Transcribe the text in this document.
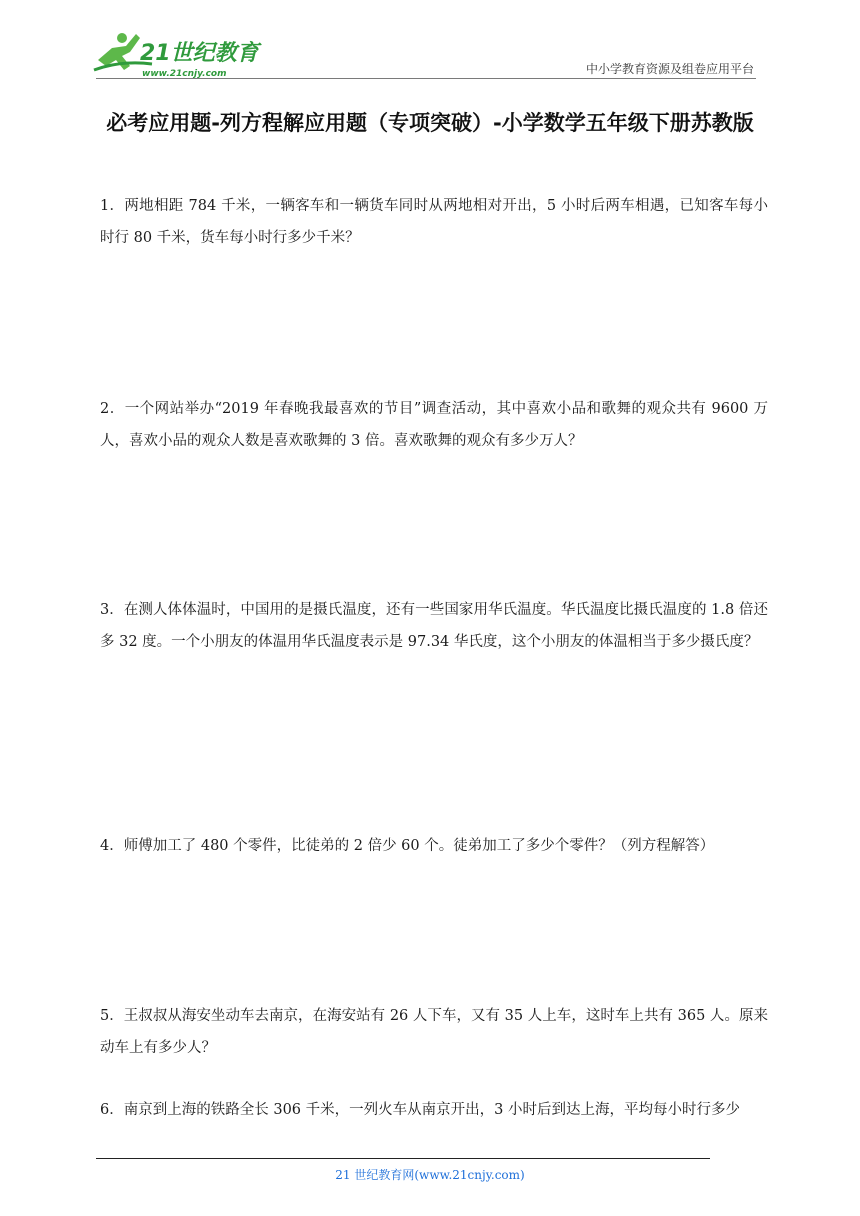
21世纪教育
www.21cnjy.com	中小学教育资源及组卷应用平台
必考应用题-列方程解应用题（专项突破）-小学数学五年级下册苏教版
1．两地相距 784 千米，一辆客车和一辆货车同时从两地相对开出，5 小时后两车相遇，已知客车每小时行 80 千米，货车每小时行多少千米？
2．一个网站举办“2019 年春晚我最喜欢的节目”调查活动，其中喜欢小品和歌舞的观众共有 9600 万人，喜欢小品的观众人数是喜欢歌舞的 3 倍。喜欢歌舞的观众有多少万人？
3．在测人体体温时，中国用的是摄氏温度，还有一些国家用华氏温度。华氏温度比摄氏温度的 1.8 倍还多 32 度。一个小朋友的体温用华氏温度表示是 97.34 华氏度，这个小朋友的体温相当于多少摄氏度？
4．师傅加工了 480 个零件，比徒弟的 2 倍少 60 个。徒弟加工了多少个零件？（列方程解答）
5．王叔叔从海安坐动车去南京，在海安站有 26 人下车，又有 35 人上车，这时车上共有 365 人。原来动车上有多少人？
6．南京到上海的铁路全长 306 千米，一列火车从南京开出，3 小时后到达上海，平均每小时行多少
21 世纪教育网(www.21cnjy.com)
